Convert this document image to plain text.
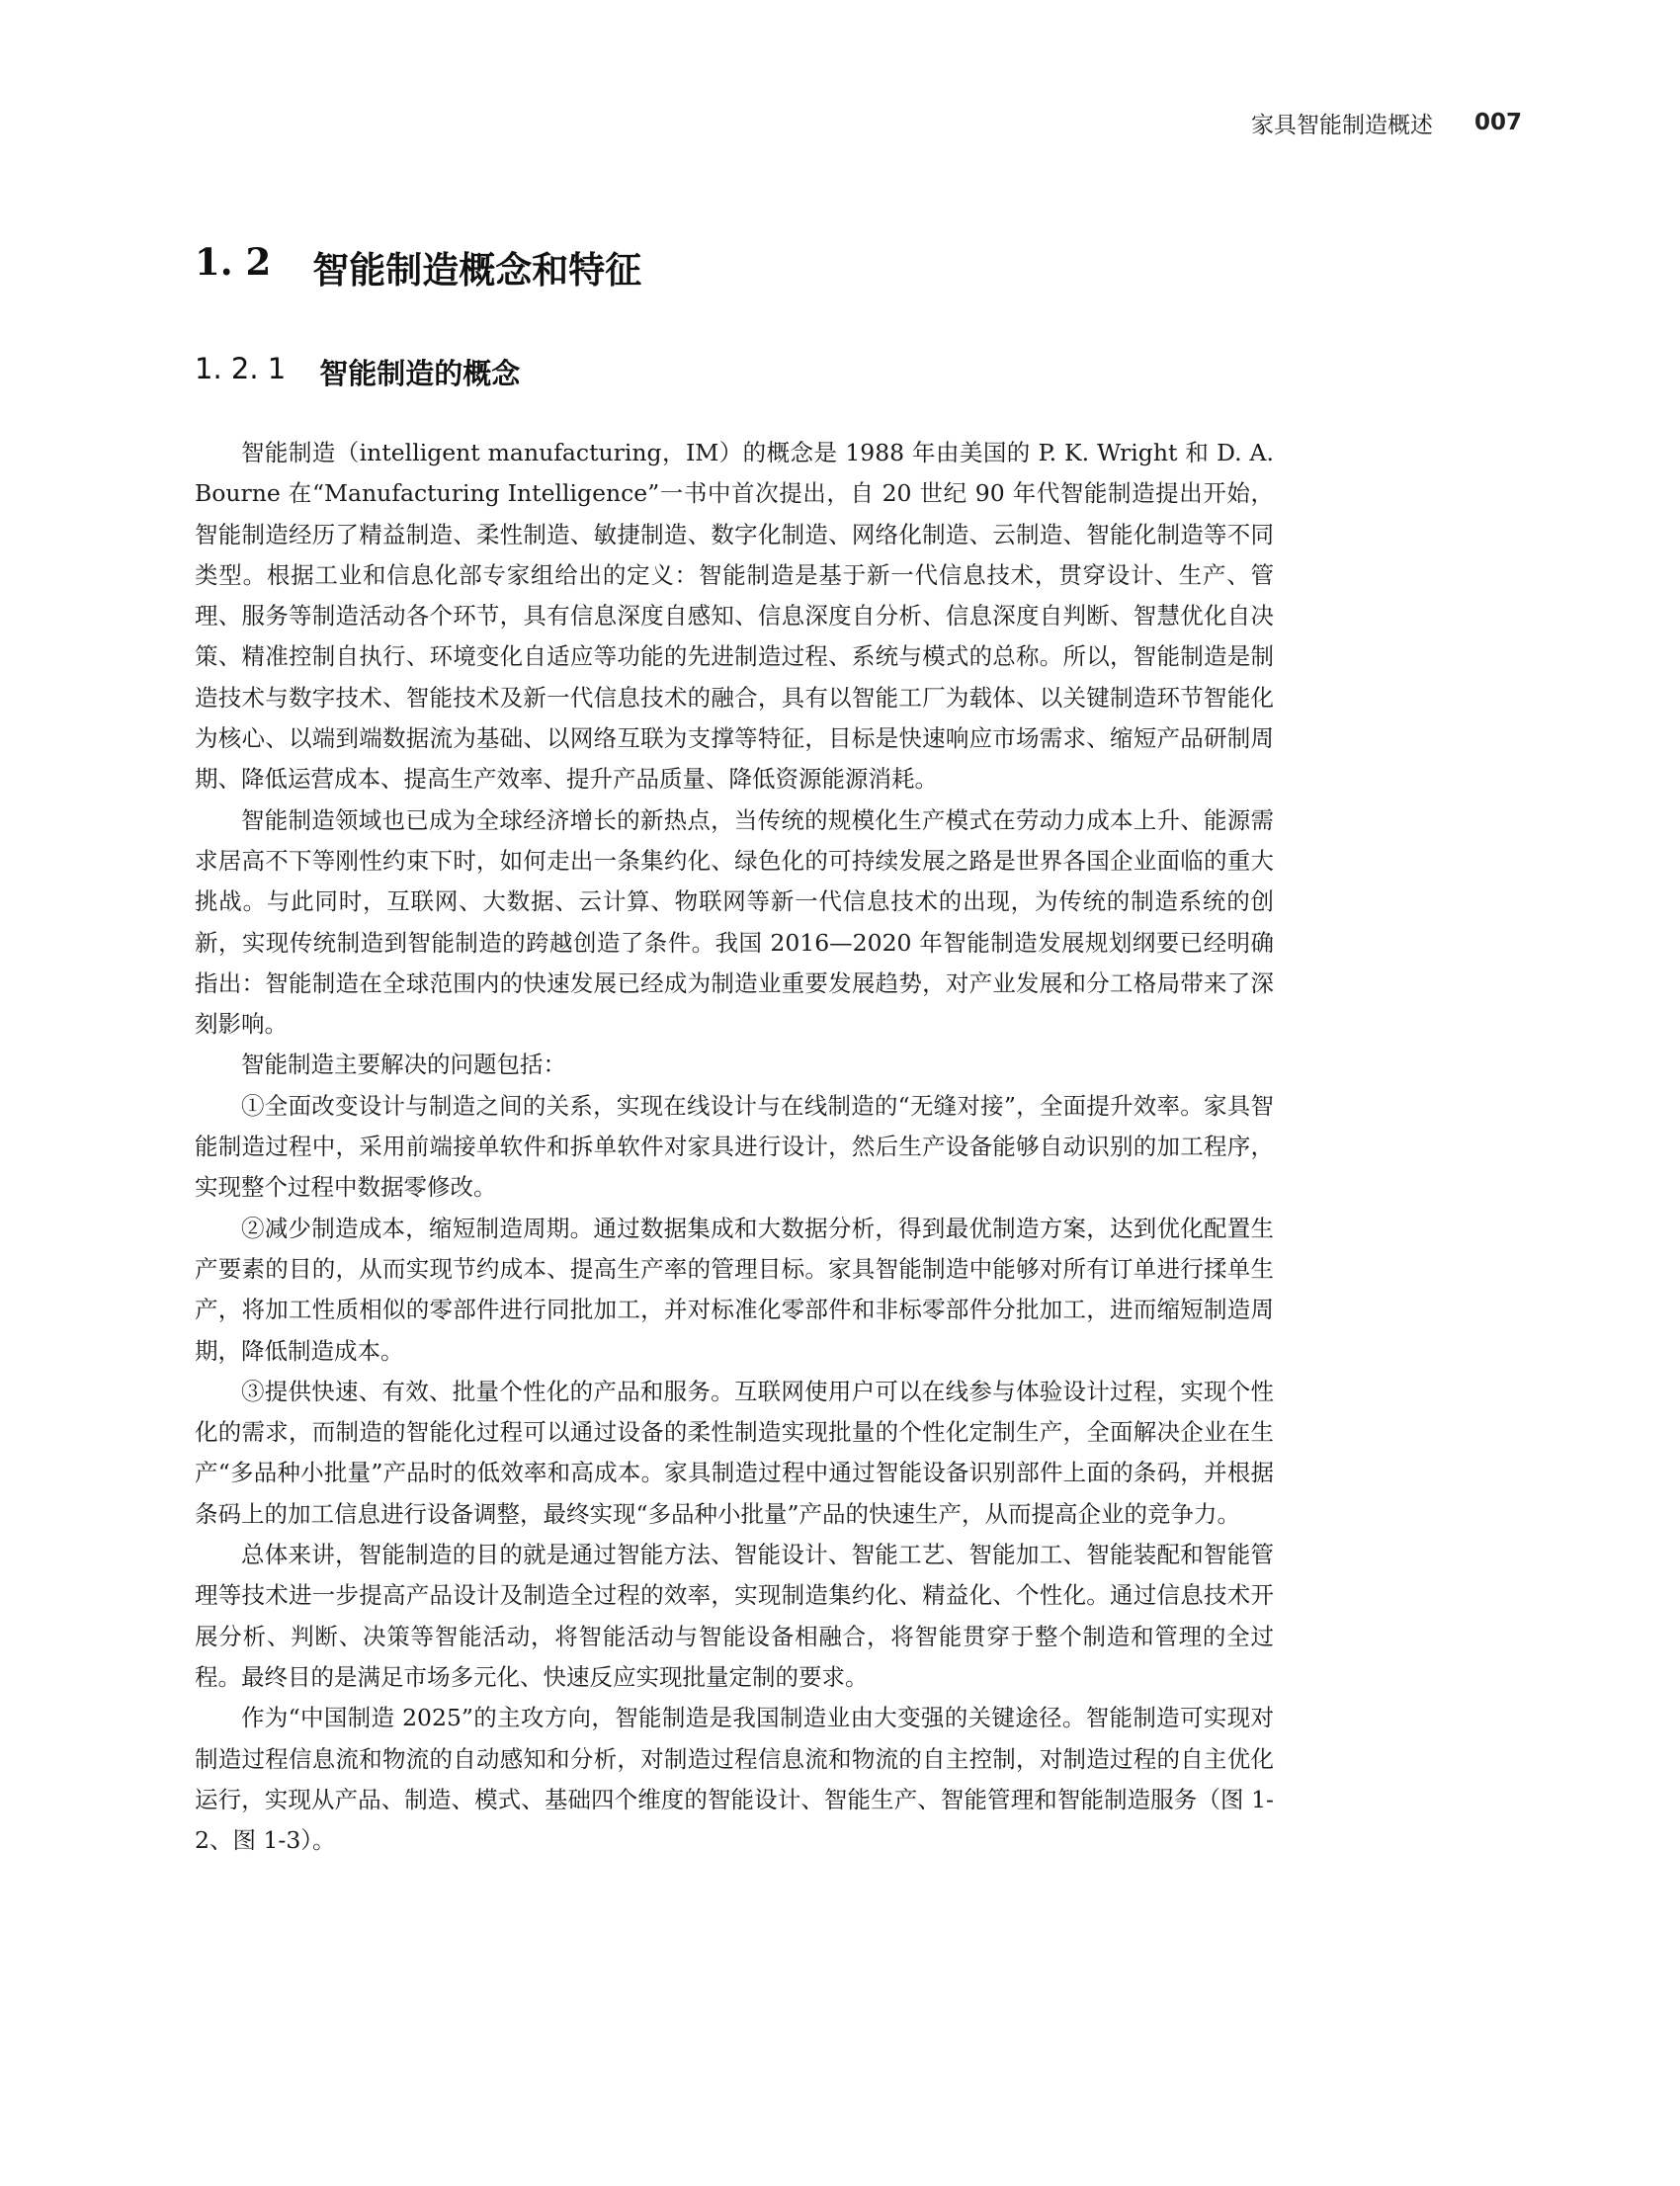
家具智能制造概述 007
1. 2 智能制造概念和特征
1. 2. 1 智能制造的概念

智能制造（intelligent manufacturing，IM）的概念是 1988 年由美国的 P. K. Wright 和 D. A. Bourne 在“Manufacturing Intelligence”一书中首次提出，自 20 世纪 90 年代智能制造提出开始，智能制造经历了精益制造、柔性制造、敏捷制造、数字化制造、网络化制造、云制造、智能化制造等不同类型。根据工业和信息化部专家组给出的定义：智能制造是基于新一代信息技术，贯穿设计、生产、管理、服务等制造活动各个环节，具有信息深度自感知、信息深度自分析、信息深度自判断、智慧优化自决策、精准控制自执行、环境变化自适应等功能的先进制造过程、系统与模式的总称。所以，智能制造是制造技术与数字技术、智能技术及新一代信息技术的融合，具有以智能工厂为载体、以关键制造环节智能化为核心、以端到端数据流为基础、以网络互联为支撑等特征，目标是快速响应市场需求、缩短产品研制周期、降低运营成本、提高生产效率、提升产品质量、降低资源能源消耗。

智能制造领域也已成为全球经济增长的新热点，当传统的规模化生产模式在劳动力成本上升、能源需求居高不下等刚性约束下时，如何走出一条集约化、绿色化的可持续发展之路是世界各国企业面临的重大挑战。与此同时，互联网、大数据、云计算、物联网等新一代信息技术的出现，为传统的制造系统的创新，实现传统制造到智能制造的跨越创造了条件。我国 2016—2020 年智能制造发展规划纲要已经明确指出：智能制造在全球范围内的快速发展已经成为制造业重要发展趋势，对产业发展和分工格局带来了深刻影响。

智能制造主要解决的问题包括：

①全面改变设计与制造之间的关系，实现在线设计与在线制造的“无缝对接”，全面提升效率。家具智能制造过程中，采用前端接单软件和拆单软件对家具进行设计，然后生产设备能够自动识别的加工程序，实现整个过程中数据零修改。

②减少制造成本，缩短制造周期。通过数据集成和大数据分析，得到最优制造方案，达到优化配置生产要素的目的，从而实现节约成本、提高生产率的管理目标。家具智能制造中能够对所有订单进行揉单生产，将加工性质相似的零部件进行同批加工，并对标准化零部件和非标零部件分批加工，进而缩短制造周期，降低制造成本。

③提供快速、有效、批量个性化的产品和服务。互联网使用户可以在线参与体验设计过程，实现个性化的需求，而制造的智能化过程可以通过设备的柔性制造实现批量的个性化定制生产，全面解决企业在生产“多品种小批量”产品时的低效率和高成本。家具制造过程中通过智能设备识别部件上面的条码，并根据条码上的加工信息进行设备调整，最终实现“多品种小批量”产品的快速生产，从而提高企业的竞争力。

总体来讲，智能制造的目的就是通过智能方法、智能设计、智能工艺、智能加工、智能装配和智能管理等技术进一步提高产品设计及制造全过程的效率，实现制造集约化、精益化、个性化。通过信息技术开展分析、判断、决策等智能活动，将智能活动与智能设备相融合，将智能贯穿于整个制造和管理的全过程。最终目的是满足市场多元化、快速反应实现批量定制的要求。

作为“中国制造 2025”的主攻方向，智能制造是我国制造业由大变强的关键途径。智能制造可实现对制造过程信息流和物流的自动感知和分析，对制造过程信息流和物流的自主控制，对制造过程的自主优化运行，实现从产品、制造、模式、基础四个维度的智能设计、智能生产、智能管理和智能制造服务（图 1-2、图 1-3）。
